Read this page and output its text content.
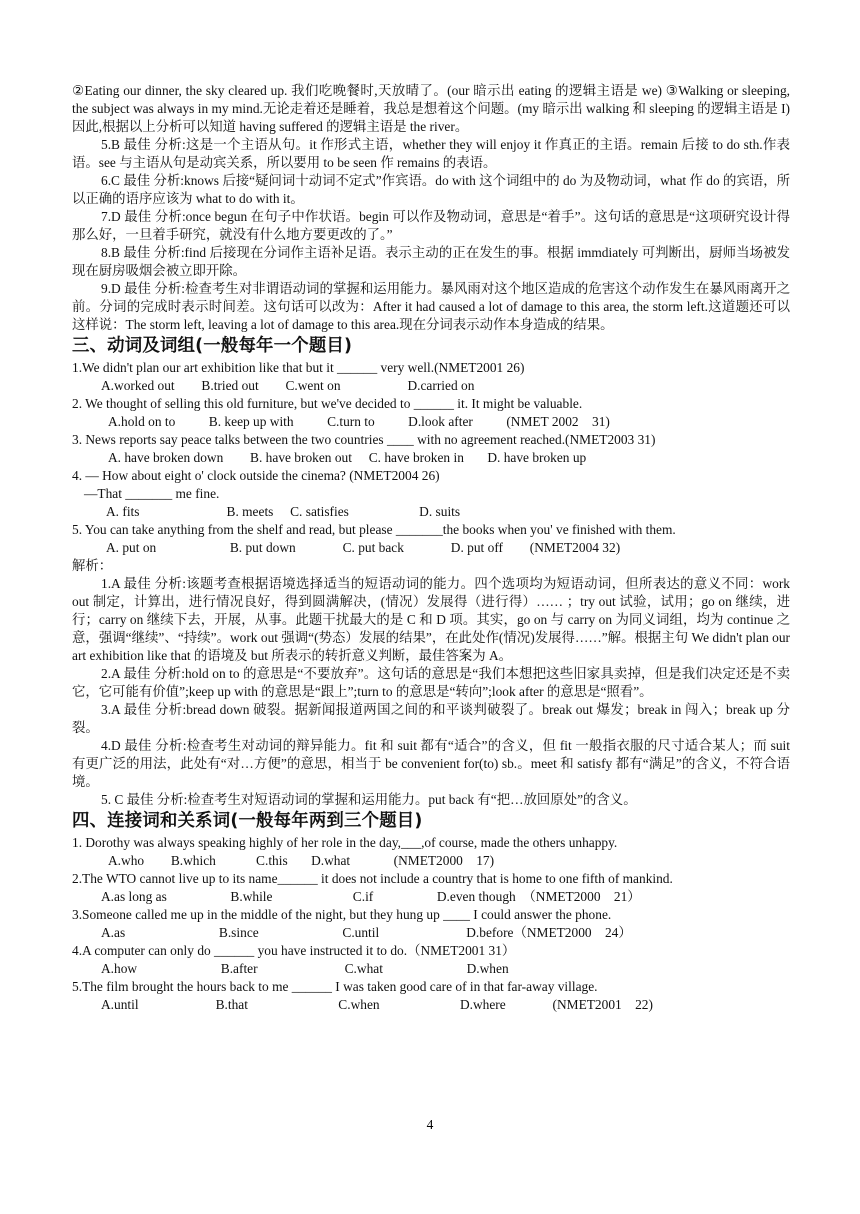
②Eating our dinner, the sky cleared up. 我们吃晚餐时,天放晴了。(our 暗示出 eating 的逻辑主语是 we) ③Walking or sleeping, the subject was always in my mind.无论走着还是睡着，我总是想着这个问题。(my 暗示出 walking 和 sleeping 的逻辑主语是 I) 因此,根据以上分析可以知道 having suffered 的逻辑主语是 the river。

5.B 最佳 分析:这是一个主语从句。it 作形式主语，whether they will enjoy it 作真正的主语。remain 后接 to do sth.作表语。see 与主语从句是动宾关系，所以要用 to be seen 作 remains 的表语。

6.C 最佳 分析:knows 后接“疑问词十动词不定式”作宾语。do with 这个词组中的 do 为及物动词，what 作 do 的宾语，所以正确的语序应该为 what to do with it。

7.D 最佳 分析:once begun 在句子中作状语。begin 可以作及物动词，意思是“着手”。这句话的意思是“这项研究设计得那么好，一旦着手研究，就没有什么地方要更改的了。”

8.B 最佳 分析:find 后接现在分词作主语补足语。表示主动的正在发生的事。根据 immdiately 可判断出，厨师当场被发现在厨房吸烟会被立即开除。

9.D 最佳 分析:检查考生对非谓语动词的掌握和运用能力。暴风雨对这个地区造成的危害这个动作发生在暴风雨离开之前。分词的完成时表示时间差。这句话可以改为：After it had caused a lot of damage to this area, the storm left.这道题还可以这样说：The storm left, leaving a lot of damage to this area.现在分词表示动作本身造成的结果。

三、动词及词组(一般每年一个题目)

1.We didn't plan our art exhibition like that but it ______ very well.(NMET2001 26)

A.worked out        B.tried out        C.went on                    D.carried on

2. We thought of selling this old furniture, but we've decided to ______ it. It might be valuable.

A.hold on to          B. keep up with          C.turn to          D.look after          (NMET 2002    31)

3. News reports say peace talks between the two countries ____ with no agreement reached.(NMET2003 31)

A. have broken down        B. have broken out     C. have broken in       D. have broken up

4. — How about eight o' clock outside the cinema? (NMET2004 26)

—That _______ me fine.

A. fits                          B. meets     C. satisfies                     D. suits

5. You can take anything from the shelf and read, but please _______the books when you' ve finished with them.

A. put on                      B. put down              C. put back              D. put off        (NMET2004 32)

解析：

1.A 最佳 分析:该题考查根据语境选择适当的短语动词的能力。四个选项均为短语动词，但所表达的意义不同：work out 制定，计算出，进行情况良好，得到圆满解决，(情况）发展得（进行得）…… ；try out 试验，试用；go on 继续，进行；carry on 继续下去，开展，从事。此题干扰最大的是 C 和 D 项。其实，go on 与 carry on 为同义词组，均为 continue 之意，强调“继续”、“持续”。work out 强调“(势态）发展的结果”，在此处作(情况)发展得……”解。根据主句 We didn't plan our art exhibition like that 的语境及 but 所表示的转折意义判断，最佳答案为 A。

2.A 最佳 分析:hold on to 的意思是“不要放弃”。这句话的意思是“我们本想把这些旧家具卖掉，但是我们决定还是不卖它，它可能有价值”;keep up with 的意思是“跟上”;turn to 的意思是“转向”;look after 的意思是“照看”。

3.A 最佳 分析:bread down 破裂。据新闻报道两国之间的和平谈判破裂了。break out 爆发；break in 闯入；break up 分裂。

4.D 最佳 分析:检查考生对动词的辩异能力。fit 和 suit 都有“适合”的含义，但 fit 一般指衣服的尺寸适合某人；而 suit 有更广泛的用法，此处有“对…方便”的意思，相当于 be convenient for(to) sb.。meet 和 satisfy 都有“满足”的含义，不符合语境。

5. C 最佳 分析:检查考生对短语动词的掌握和运用能力。put back 有“把…放回原处”的含义。

四、连接词和关系词(一般每年两到三个题目)

1. Dorothy was always speaking highly of her role in the day,___,of course, made the others unhappy.

A.who        B.which            C.this       D.what             (NMET2000    17)

2.The WTO cannot live up to its name______ it does not include a country that is home to one fifth of mankind.

A.as long as                   B.while                        C.if                   D.even though  （NMET2000    21）

3.Someone called me up in the middle of the night, but they hung up ____ I could answer the phone.

A.as                            B.since                         C.until                          D.before（NMET2000    24）

4.A computer can only do ______ you have instructed it to do.（NMET2001 31）

A.how                         B.after                          C.what                         D.when

5.The film brought the hours back to me ______ I was taken good care of in that far-away village.

A.until                       B.that                           C.when                        D.where              (NMET2001    22)

4
